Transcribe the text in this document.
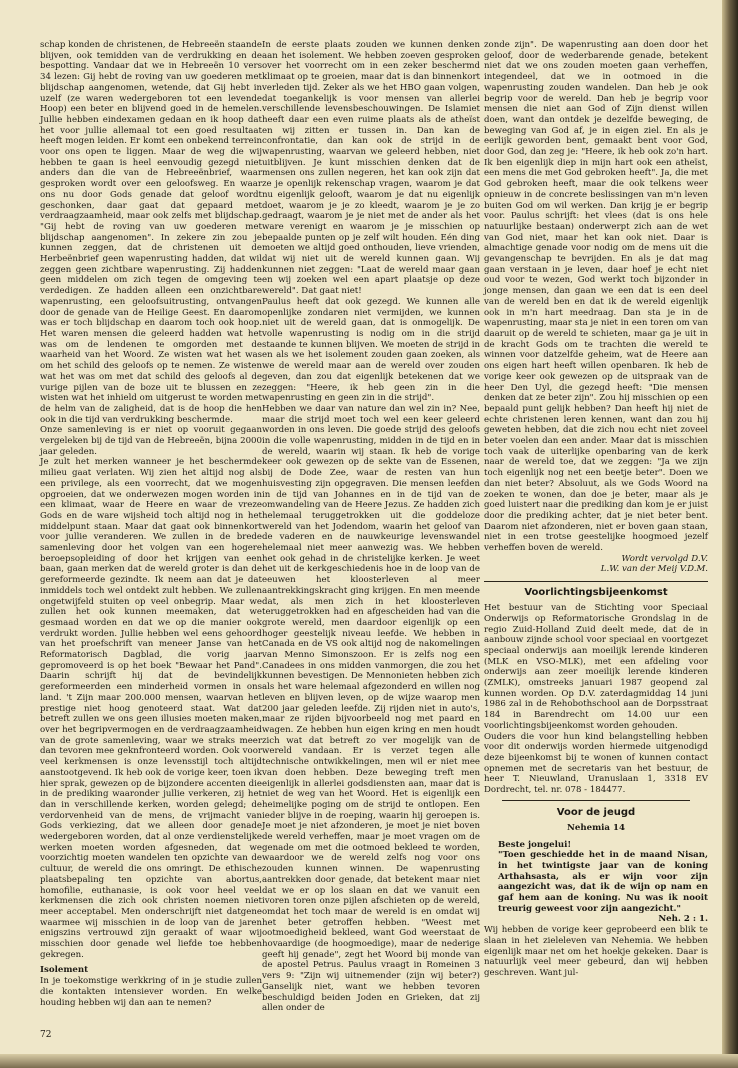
schap konden de christenen, de Hebreeën staande blijven, ook temidden van de verdrukking en de bespotting. Vandaar dat we in Hebreeën 10 vers 34 lezen: Gij hebt de roving van uw goederen met blijdschap aangenomen, wetende, dat Gij hebt in uzelf (ze waren wedergeboren tot een levende Hoop) een beter en blijvend goed in de hemelen. Jullie hebben eindexamen gedaan en ik hoop dat het voor jullie allemaal tot een goed resultaat heeft mogen leiden. Er komt een onbekend terrein voor ons open te liggen. Maar de weg die wij hebben te gaan is heel eenvoudig gezegd niet anders dan die van de Hebreeënbrief, waar gesproken wordt over een geloofsweg. En waar ons nu door Gods genade dat geloof wordt geschonken, daar gaat dat gepaard met verdraagzaamheid, maar ook zelfs met blijdschap. "Gij hebt de roving van uw goederen met blijdschap aangenomen". In zekere zin zou je kunnen zeggen, dat de christenen uit de Herbeënbrief geen wapenrusting hadden, dat wil zeggen geen zichtbare wapenrusting. Zij hadden geen middelen om zich tegen de omgeving te verdedigen. Ze hadden alleen een onzichtbare wapenrusting, een geloofsuitrusting, ontvangen door de genade van de Heilige Geest. En daarom was er toch blijdschap en daarom toch ook hoop. Het waren mensen die geleerd hadden wat het was om de lendenen te omgorden met de waarheid van het Woord. Ze wisten wat het was om het schild des geloofs op te nemen. Ze wisten wat het was om met dat schild des geloofs al de vurige pijlen van de boze uit te blussen en ze wisten wat het inhield om uitgerust te worden met de helm van de zaligheid, dat is de hoop die hen ook in die tijd van verdrukking beschermde.

Onze samenleving is er niet op vooruit gegaan vergeleken bij de tijd van de Hebreeën, bijna 2000 jaar geleden.

Je zult het merken wanneer je het beschermde milieu gaat verlaten. Wij zien het altijd nog als een privilege, als een voorrecht, dat we mogen opgroeien, dat we onderwezen mogen worden in een klimaat, waar de Heere en waar de vreze Gods en de ware wijsheid toch altijd nog in het middelpunt staan. Maar dat gaat ook binnenkort voor jullie veranderen. We zullen in de brede samenleving door het volgen van een hogere beroepsopleiding of door het krijgen van een baan, gaan merken dat de wereld groter is dan de gereformeerde gezindte. Ik neem aan dat je dat inmiddels toch wel ontdekt zult hebben. We zullen ongetwijfeld stuiten op veel onbegrip. Maar we zullen het ook kunnen meemaken, dat we gesmaad worden en dat we op die manier ook verdrukt worden. Jullie hebben wel eens gehoord van het proefschrift van meneer Janse van het Reformatorisch Dagblad, die vorig jaar gepromoveerd is op het boek "Bewaar het Pand". Daarin schrijft hij dat de bevindelijk gereformeerden een minderheid vormen in ons land. 't Zijn maar 200.000 mensen, waarvan het prestige niet hoog genoteerd staat. Wat dat betreft zullen we ons geen illusies moeten maken, over het begripvermogen en de verdraagzaamheid van de grote samenleving, waar we straks meer dan tevoren mee geknfronteerd worden. Ook voor veel kerkmensen is onze levensstijl toch altijd aanstootgevend. Ik heb ook de vorige keer, toen ik hier sprak, gewezen op de bijzondere accenten die in de prediking waaronder jullie verkeren, zij het dan in verschillende kerken, worden gelegd; de verdorvenheid van de mens, de vrijmacht van Gods verkiezing, dat we alleen door genade wedergeboren worden, dat al onze verdienstelijke werken moeten worden afgesneden, dat we voorzichtig moeten wandelen ten opzichte van de cultuur, de wereld die ons omringt. De ethische plaatsbepaling ten opzichte van abortus, homofilie, euthanasie, is ook voor heel veel kerkmensen die zich ook christen noemen niet meer acceptabel. Men onderschrijft niet datgene waarmee wij misschien in de loop van de jaren enigszins vertrouwd zijn geraakt of waar wij misschien door genade wel liefde toe hebben gekregen.

Isolement

In je toekomstige werkkring of in je studie zullen die kontakten intensiever worden. En welke houding hebben wij dan aan te nemen?

In de eerste plaats zouden we kunnen denken aan het isolement. We hebben zoeven gesproken over het voorrecht om in een zeker beschermd klimaat op te groeien, maar dat is dan binnenkort verleden tijd. Zeker als we het HBO gaan volgen, dat toegankelijk is voor mensen van allerlei verschillende levensbeschouwingen. De Islamiet heeft daar een even ruime plaats als de atheïst en wij zitten er tussen in. Dan kan de confrontatie, dan kan ook de strijd in de wapenrusting, waarvan we geleerd hebben, niet uitblijven. Je kunt misschien denken dat de mensen ons zullen negeren, het kan ook zijn dat ze je openlijk rekenschap vragen, waarom je dat nu eigenlijk gelooft, waarom je dat nu eigenlijk doet, waarom je je zo kleedt, waarom je je zo gedraagt, waarom je je niet met de ander als het ware verenigt en waarom je je misschien op bepaalde punten op je zelf wilt houden. Eén ding moeten we altijd goed onthouden, lieve vrienden, dat wij niet uit de wereld kunnen gaan. Wij kunnen niet zeggen: "Laat de wereld maar gaan en wij zoeken wel een apart plaatsje op deze wereld". Dat gaat niet!

Paulus heeft dat ook gezegd. We kunnen alle openlijke zondaren niet vermijden, we kunnen niet uit de wereld gaan, dat is onmogelijk. De volle wapenrusting is nodig om in die strijd staande te kunnen blijven. We moeten de strijd in en als we het isolement zouden gaan zoeken, als we de wereld maar aan de wereld over zouden geven, dan zou dat eigenlijk betekenen dat we zeggen: "Heere, ik heb geen zin in die wapenrusting en geen zin in die strijd".

Hebben we daar van nature dan wel zin in? Nee, maar die strijd moet toch wel een keer geleerd worden in ons leven. Die goede strijd des geloofs in die volle wapenrusting, midden in de tijd en in de wereld, waarin wij staan. Ik heb de vorige keer ook gewezen op de sekte van de Essenen, bij de Dode Zee, waar de resten van hun huisvesting zijn opgegraven. Die mensen leefden in de tijd van Johannes en in de tijd van de omwandeling van de Heere Jezus. Ze hadden zich helemaal teruggetrokken uit die goddeloze wereld van het Jodendom, waarin het geloof van de vaderen en de nauwkeurige levenswandel helemaal niet meer aanwezig was. We hebben het ook gehad in de christelijke kerken. Je weet het uit de kerkgeschiedenis hoe in de loop van de eeuwen het kloosterleven al meer aantrekkingskracht ging krijgen. En men meende dat, als men zich in het kloosterleven teruggetrokken had en afgescheiden had van die grote wereld, men daardoor eigenlijk op een hoger geestelijk niveau leefde. We hebben in Canada en de VS ook altijd nog de nakomelingen van Menno Simonszoon. Er is zelfs nog een Canadees in ons midden vanmorgen, die zou het kunnen bevestigen. De Mennonieten hebben zich als het ware helemaal afgezonderd en willen nog leven en blijven leven, op de wijze waarop men 200 jaar geleden leefde. Zij rijden niet in auto's, maar ze rijden bijvoorbeeld nog met paard en wagen. Ze hebben hun eigen kring en men houdt zich wat dat betreft zo ver mogelijk van de wereld vandaan. Er is verzet tegen alle technische ontwikkelingen, men wil er niet mee van doen hebben. Deze beweging treft men eigenlijk in allerlei godsdiensten aan, maar dat is niet de weg van het Woord. Het is eigenlijk een heimelijke poging om de strijd te ontlopen. Een ieder blijve in de roeping, waarin hij geroepen is. Je moet je niet afzonderen, je moet je niet boven de wereld verheffen, maar je moet vragen om de genade om met die ootmoed bekleed te worden, waardoor we de wereld zelfs nog voor ons zouden kunnen winnen. De wapenrusting aantrekken door genade, dat betekent maar niet dat we er op los slaan en dat we vanuit een ivoren toren onze pijlen afschieten op de wereld, omdat het toch maar de wereld is en omdat wij het beter getroffen hebben. "Weest met ootmoedigheid bekleed, want God weerstaat de hovaardige (de hoogmoedige), maar de nederige geeft hij genade", zegt het Woord bij monde van de apostel Petrus. Paulus vraagt in Romeinen 3 vers 9: "Zijn wij uitnemender (zijn wij beter?) Ganselijk niet, want we hebben tevoren beschuldigd beiden Joden en Grieken, dat zij allen onder de

zonde zijn". De wapenrusting aan doen door het geloof, door de wederbarende genade, betekent niet dat we ons zouden moeten gaan verheffen, integendeel, dat we in ootmoed in die wapenrusting zouden wandelen. Dan heb je ook begrip voor de wereld. Dan heb je begrip voor mensen die niet aan God of Zijn dienst willen doen, want dan ontdek je dezelfde beweging, de beweging van God af, je in eigen ziel. En als je eerlijk geworden bent, gemaakt bent voor God, door God, dan zeg je: "Heere, ik heb ook zo'n hart. Ik ben eigenlijk diep in mijn hart ook een atheïst, een mens die met God gebroken heeft". Ja, die met God gebroken heeft, maar die ook telkens weer opnieuw in de concrete beslissingen van m'n leven buiten God om wil werken. Dan krijg je er begrip voor. Paulus schrijft: het vlees (dat is ons hele natuurlijke bestaan) onderwerpt zich aan de wet van God niet, maar het kan ook niet. Daar is almachtige genade voor nodig om de mens uit die gevangenschap te bevrijden. En als je dat mag gaan verstaan in je leven, daar hoef je echt niet oud voor te wezen, God werkt toch bijzonder in jonge mensen, dan gaan we een dat is een deel van de wereld ben en dat ik de wereld eigenlijk ook in m'n hart meedraag. Dan sta je in de wapenrusting, maar sta je niet in een toren om van daaruit op de wereld te schieten, maar ga je uit in de kracht Gods om te trachten die wereld te winnen voor datzelfde geheim, wat de Heere aan ons eigen hart heeft willen openbaren. Ik heb de vorige keer ook gewezen op de uitspraak van de heer Den Uyl, die gezegd heeft: "Die mensen denken dat ze beter zijn". Zou hij misschien op een bepaald punt gelijk hebben? Dan heeft hij niet de echte christenen leren kennen, want dan zou hij geweten hebben, dat die zich nou echt niet zoveel beter voelen dan een ander. Maar dat is misschien toch vaak de uiterlijke openbaring van de kerk naar de wereld toe, dat we zeggen: "Ja we zijn toch eigenlijk nog net een beetje beter". Doen we dan niet beter? Absoluut, als we Gods Woord na zoeken te wonen, dan doe je beter, maar als je goed luistert naar die prediking dan kom je er juist door die prediking achter, dat je niet beter bent. Daarom niet afzonderen, niet er boven gaan staan, niet in een trotse geestelijke hoogmoed jezelf verheffen boven de wereld.

Wordt vervolgd D.V.

L.W. van der Meij V.D.M.

Voorlichtingsbijeenkomst

Het bestuur van de Stichting voor Speciaal Onderwijs op Reformatorische Grondslag in de regio Zuid-Holland Zuid deelt mede, dat de in aanbouw zijnde school voor speciaal en voortgezet speciaal onderwijs aan moeilijk lerende kinderen (MLK en VSO-MLK), met een afdeling voor onderwijs aan zeer moeilijk lerende kinderen (ZMLK), omstreeks januari 1987 geopend zal kunnen worden. Op D.V. zaterdagmiddag 14 juni 1986 zal in de Rehobothschool aan de Dorpsstraat 184 in Barendrecht om 14.00 uur een voorlichtingsbijeenkomst worden gehouden.

Ouders die voor hun kind belangstelling hebben voor dit onderwijs worden hiermede uitgenodigd deze bijeenkomst bij te wonen of kunnen contact opnemen met de secretaris van het bestuur, de heer T. Nieuwland, Uranuslaan 1, 3318 EV Dordrecht, tel. nr. 078 - 184477.

Voor de jeugd
Nehemia 14

Beste jongelui!

"Toen geschiedde het in de maand Nisan, in het twintigste jaar van de koning Arthahsasta, als er wijn voor zijn aangezicht was, dat ik de wijn op nam en gaf hem aan de koning. Nu was ik nooit treurig geweest voor zijn aangezicht."

Neh. 2 : 1.

Wij hebben de vorige keer geprobeerd een blik te slaan in het zieleleven van Nehemia. We hebben eigenlijk maar net om het hoekje gekeken. Daar is natuurlijk veel meer gebeurd, dan wij hebben geschreven. Want jul-

72
